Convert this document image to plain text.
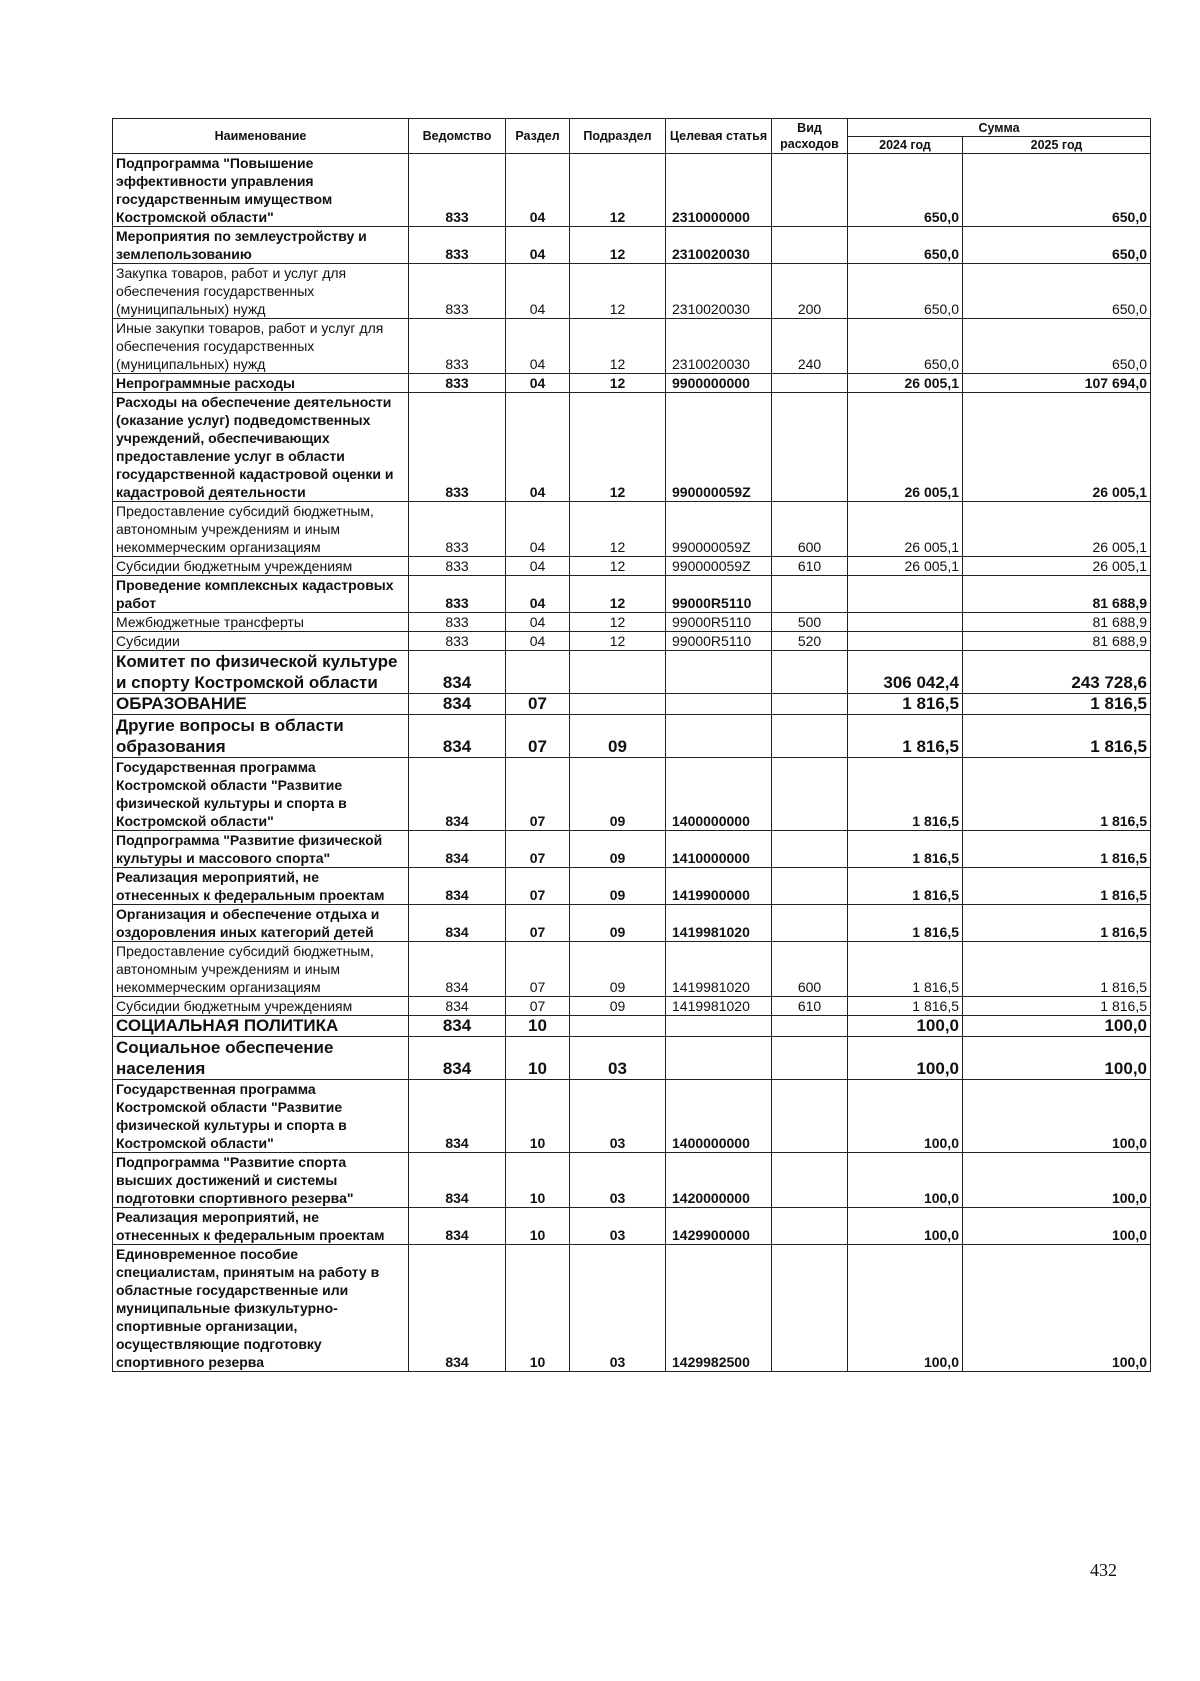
Наименование	Ведомство	Раздел	Подраздел	Целевая статья	Вид расходов	Сумма	
						2024 год	2025 год
Подпрограмма "Повышение эффективности управления государственным имуществом Костромской области"	833	04	12	2310000000		650,0	650,0
Мероприятия по землеустройству и землепользованию	833	04	12	2310020030		650,0	650,0
Закупка товаров, работ и услуг для обеспечения государственных (муниципальных) нужд	833	04	12	2310020030	200	650,0	650,0
Иные закупки товаров, работ и услуг для обеспечения государственных (муниципальных) нужд	833	04	12	2310020030	240	650,0	650,0
Непрограммные расходы	833	04	12	9900000000		26 005,1	107 694,0
Расходы на обеспечение деятельности (оказание услуг) подведомственных учреждений, обеспечивающих предоставление услуг в области государственной кадастровой оценки и кадастровой деятельности	833	04	12	990000059Z		26 005,1	26 005,1
Предоставление субсидий бюджетным, автономным учреждениям и иным некоммерческим организациям	833	04	12	990000059Z	600	26 005,1	26 005,1
Субсидии бюджетным учреждениям	833	04	12	990000059Z	610	26 005,1	26 005,1
Проведение комплексных кадастровых работ	833	04	12	99000R5110			81 688,9
Межбюджетные трансферты	833	04	12	99000R5110	500		81 688,9
Субсидии	833	04	12	99000R5110	520		81 688,9
Комитет по физической культуре и спорту Костромской области	834					306 042,4	243 728,6
ОБРАЗОВАНИЕ	834	07				1 816,5	1 816,5
Другие вопросы в области образования	834	07	09			1 816,5	1 816,5
Государственная программа Костромской области "Развитие физической культуры и спорта в Костромской области"	834	07	09	1400000000		1 816,5	1 816,5
Подпрограмма "Развитие физической культуры и массового спорта"	834	07	09	1410000000		1 816,5	1 816,5
Реализация мероприятий, не отнесенных к федеральным проектам	834	07	09	1419900000		1 816,5	1 816,5
Организация и обеспечение отдыха и оздоровления иных категорий детей	834	07	09	1419981020		1 816,5	1 816,5
Предоставление субсидий бюджетным, автономным учреждениям и иным некоммерческим организациям	834	07	09	1419981020	600	1 816,5	1 816,5
Субсидии бюджетным учреждениям	834	07	09	1419981020	610	1 816,5	1 816,5
СОЦИАЛЬНАЯ ПОЛИТИКА	834	10				100,0	100,0
Социальное обеспечение населения	834	10	03			100,0	100,0
Государственная программа Костромской области "Развитие физической культуры и спорта в Костромской области"	834	10	03	1400000000		100,0	100,0
Подпрограмма "Развитие спорта высших достижений и системы подготовки спортивного резерва"	834	10	03	1420000000		100,0	100,0
Реализация мероприятий, не отнесенных к федеральным проектам	834	10	03	1429900000		100,0	100,0
Единовременное пособие специалистам, принятым на работу в областные государственные или муниципальные физкультурно-спортивные организации, осуществляющие подготовку спортивного резерва	834	10	03	1429982500		100,0	100,0
432
